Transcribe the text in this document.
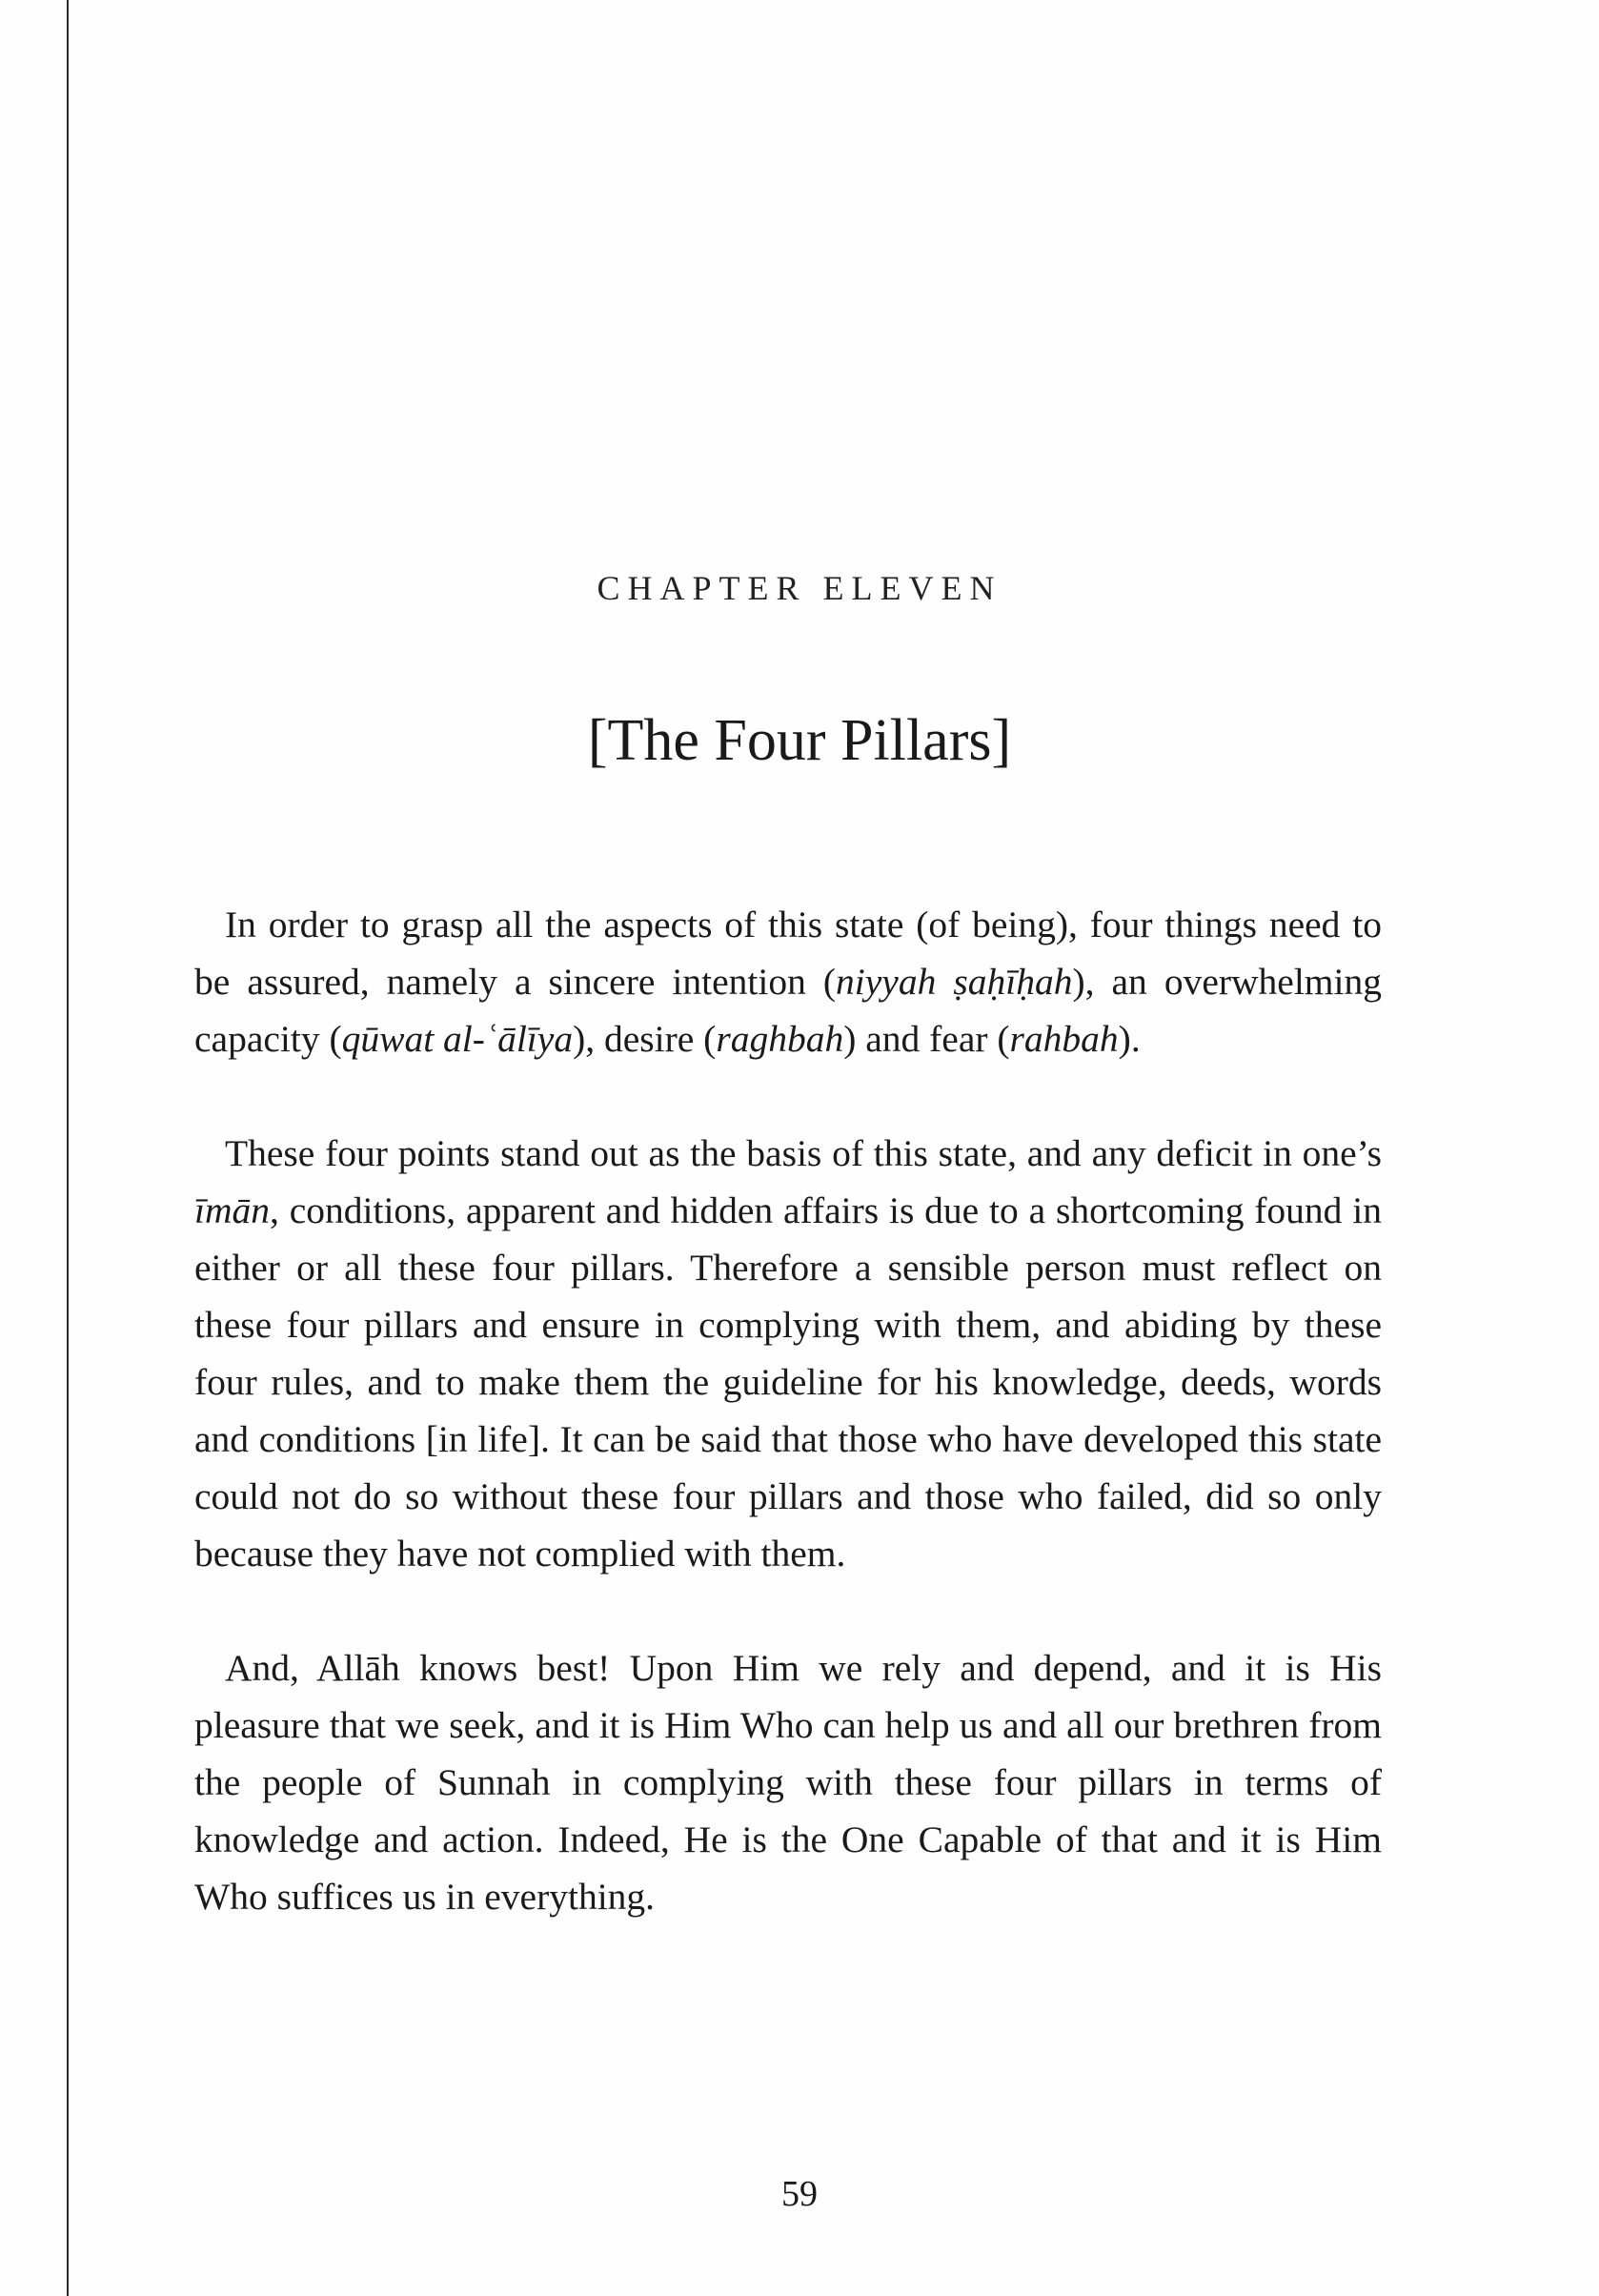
CHAPTER ELEVEN
[The Four Pillars]

In order to grasp all the aspects of this state (of being), four things need to be assured, namely a sincere intention (niyyah ṣaḥīḥah), an overwhelming capacity (qūwat al-ʿālīya), desire (raghbah) and fear (rahbah).

These four points stand out as the basis of this state, and any deficit in one’s īmān, conditions, apparent and hidden affairs is due to a shortcoming found in either or all these four pillars. Therefore a sensible person must reflect on these four pillars and ensure in complying with them, and abiding by these four rules, and to make them the guideline for his knowledge, deeds, words and conditions [in life]. It can be said that those who have developed this state could not do so without these four pillars and those who failed, did so only because they have not complied with them.

And, Allāh knows best! Upon Him we rely and depend, and it is His pleasure that we seek, and it is Him Who can help us and all our brethren from the people of Sunnah in complying with these four pillars in terms of knowledge and action. Indeed, He is the One Capable of that and it is Him Who suffices us in everything.

59
